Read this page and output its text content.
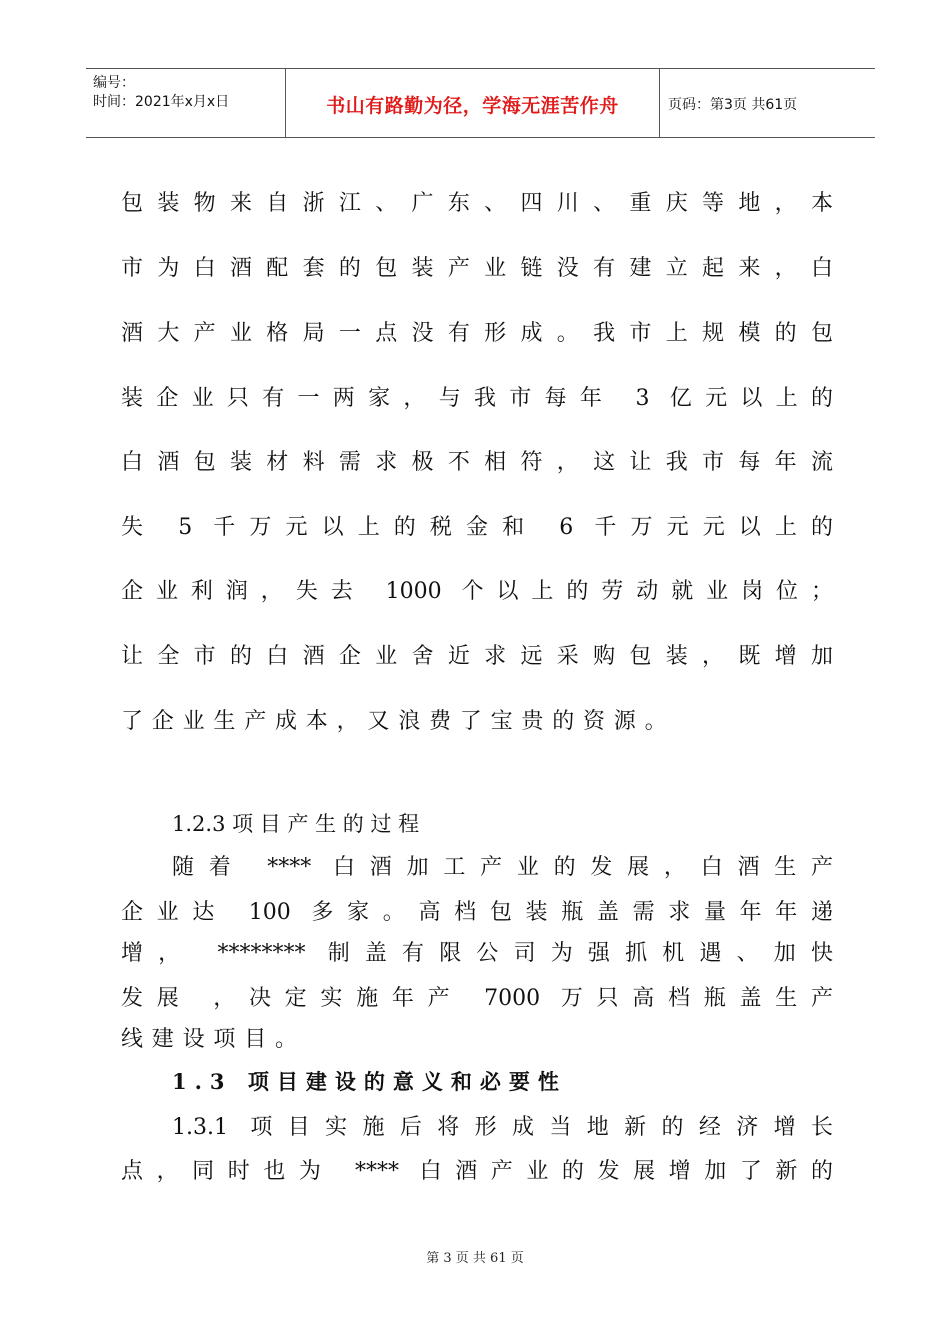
编号：
时间：2021年x月x日	书山有路勤为径，学海无涯苦作舟	页码：第3页 共61页
包装物来自浙江、广东、四川、重庆等地，本
市为白酒配套的包装产业链没有建立起来，白
酒大产业格局一点没有形成。我市上规模的包
装企业只有一两家，与我市每年 3 亿元以上的
白酒包装材料需求极不相符，这让我市每年流
失 5 千万元以上的税金和 6 千万元元以上的
企业利润，失去 1000 个以上的劳动就业岗位；
让全市的白酒企业舍近求远采购包装，既增加
了企业生产成本，又浪费了宝贵的资源。
1.2.3 项 目 产 生 的 过 程
随着 **** 白酒加工产业的发展，白酒生产
企业达 100 多家。高档包装瓶盖需求量年年递
增， ******** 制盖有限公司为强抓机遇、加快
发展 ，决定实施年产 7000 万只高档瓶盖生产
线建设项目。
1.3 项目建设的意义和必要性
1.3.1 项目实施后将形成当地新的经济增长
点，同时也为 **** 白酒产业的发展增加了新的
第 3 页 共 61 页
